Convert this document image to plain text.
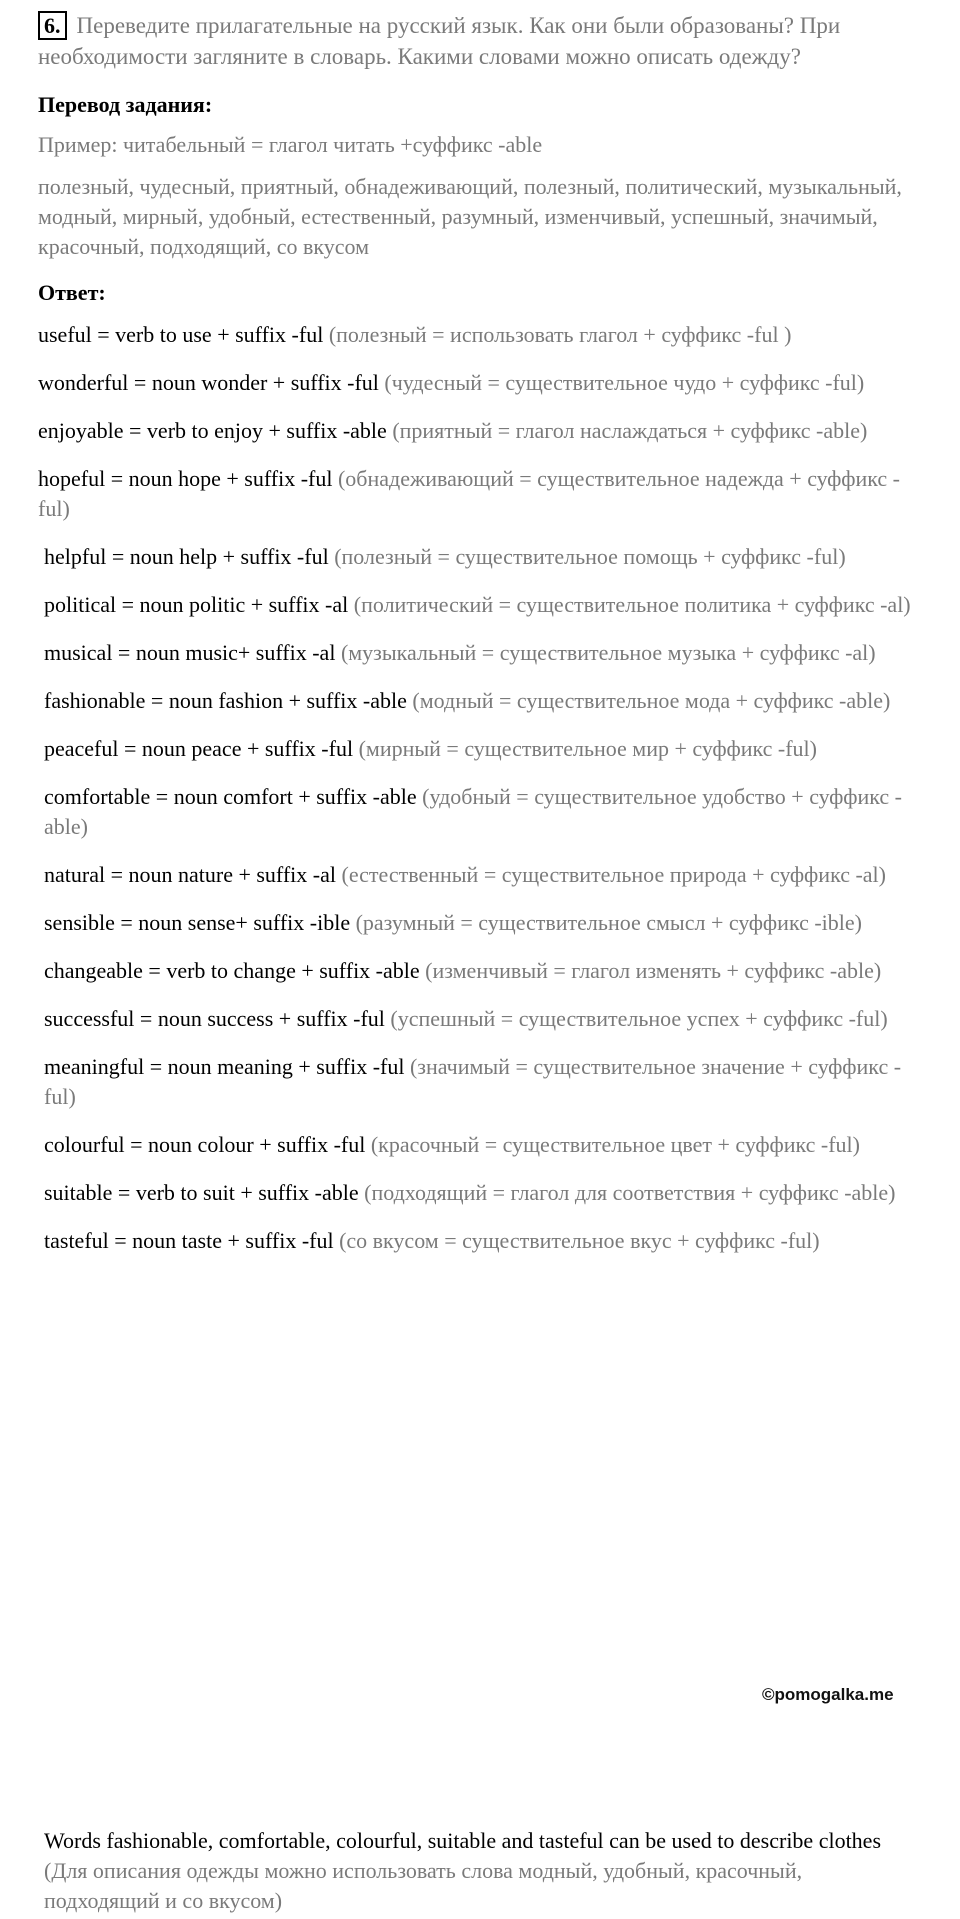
6. Переведите прилагательные на русский язык. Как они были образованы? При необходимости загляните в словарь. Какими словами можно описать одежду?
Перевод задания:
Пример: читабельный = глагол читать +суффикс -able
полезный, чудесный, приятный, обнадеживающий, полезный, политический, музыкальный, модный, мирный, удобный, естественный, разумный, изменчивый, успешный, значимый, красочный, подходящий, со вкусом
Ответ:
useful = verb to use + suffix -ful (полезный = использовать глагол + суффикс -ful )
wonderful = noun wonder + suffix -ful (чудесный = существительное чудо + суффикс -ful)
enjoyable = verb to enjoy + suffix -able (приятный = глагол наслаждаться + суффикс -able)
hopeful = noun hope + suffix -ful (обнадеживающий = существительное надежда + суффикс -ful)
helpful = noun help + suffix -ful (полезный = существительное помощь + суффикс -ful)
political = noun politic + suffix -al (политический = существительное политика + суффикс -al)
musical = noun music+ suffix -al (музыкальный = существительное музыка + суффикс -al)
fashionable = noun fashion + suffix -able (модный = существительное мода + суффикс -able)
peaceful = noun peace + suffix -ful (мирный = существительное мир + суффикс -ful)
comfortable = noun comfort + suffix -able (удобный = существительное удобство + суффикс -able)
natural = noun nature + suffix -al (естественный = существительное природа + суффикс -al)
sensible = noun sense+ suffix -ible (разумный = существительное смысл + суффикс -ible)
changeable = verb to change + suffix -able (изменчивый = глагол изменять + суффикс -able)
successful = noun success + suffix -ful (успешный = существительное успех + суффикс -ful)
meaningful = noun meaning + suffix -ful (значимый = существительное значение + суффикс -ful)
colourful = noun colour + suffix -ful (красочный = существительное цвет + суффикс -ful)
suitable = verb to suit + suffix -able (подходящий = глагол для соответствия + суффикс -able)
tasteful = noun taste + suffix -ful (со вкусом = существительное вкус + суффикс -ful)
©pomogalka.me
Words fashionable, comfortable, colourful, suitable and tasteful can be used to describe clothes (Для описания одежды можно использовать слова модный, удобный, красочный, подходящий и со вкусом)
